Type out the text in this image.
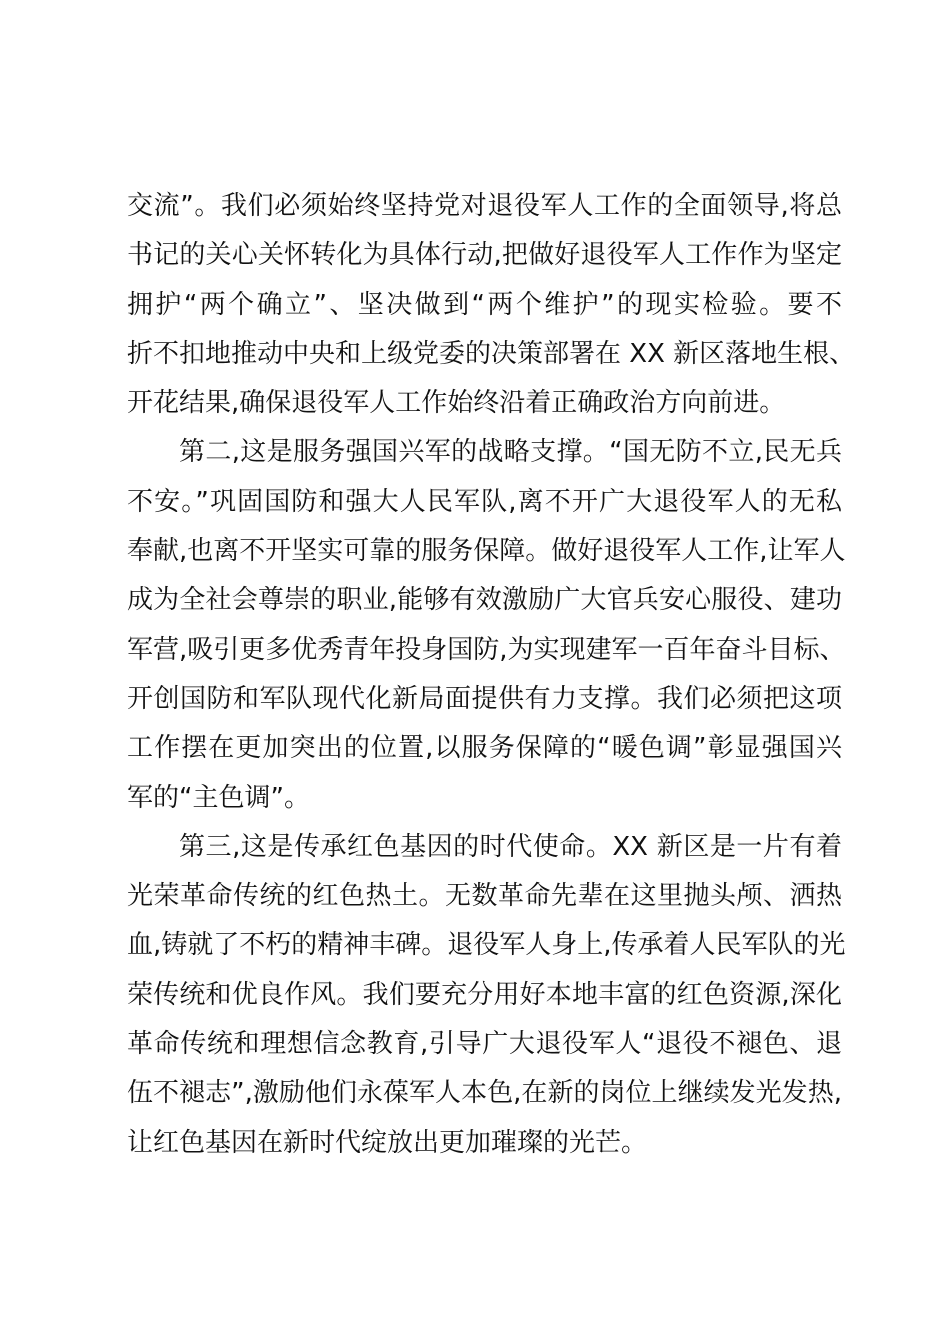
交流”。我们必须始终坚持党对退役军人工作的全面领导,将总
书记的关心关怀转化为具体行动,把做好退役军人工作作为坚定
拥护“两个确立”、坚决做到“两个维护”的现实检验。要不
折不扣地推动中央和上级党委的决策部署在 XX 新区落地生根、
开花结果,确保退役军人工作始终沿着正确政治方向前进。
第二,这是服务强国兴军的战略支撑。“国无防不立,民无兵
不安。”巩固国防和强大人民军队,离不开广大退役军人的无私
奉献,也离不开坚实可靠的服务保障。做好退役军人工作,让军人
成为全社会尊崇的职业,能够有效激励广大官兵安心服役、建功
军营,吸引更多优秀青年投身国防,为实现建军一百年奋斗目标、
开创国防和军队现代化新局面提供有力支撑。我们必须把这项
工作摆在更加突出的位置,以服务保障的“暖色调”彰显强国兴
军的“主色调”。
第三,这是传承红色基因的时代使命。XX 新区是一片有着
光荣革命传统的红色热土。无数革命先辈在这里抛头颅、洒热
血,铸就了不朽的精神丰碑。退役军人身上,传承着人民军队的光
荣传统和优良作风。我们要充分用好本地丰富的红色资源,深化
革命传统和理想信念教育,引导广大退役军人“退役不褪色、退
伍不褪志”,激励他们永葆军人本色,在新的岗位上继续发光发热,
让红色基因在新时代绽放出更加璀璨的光芒。
